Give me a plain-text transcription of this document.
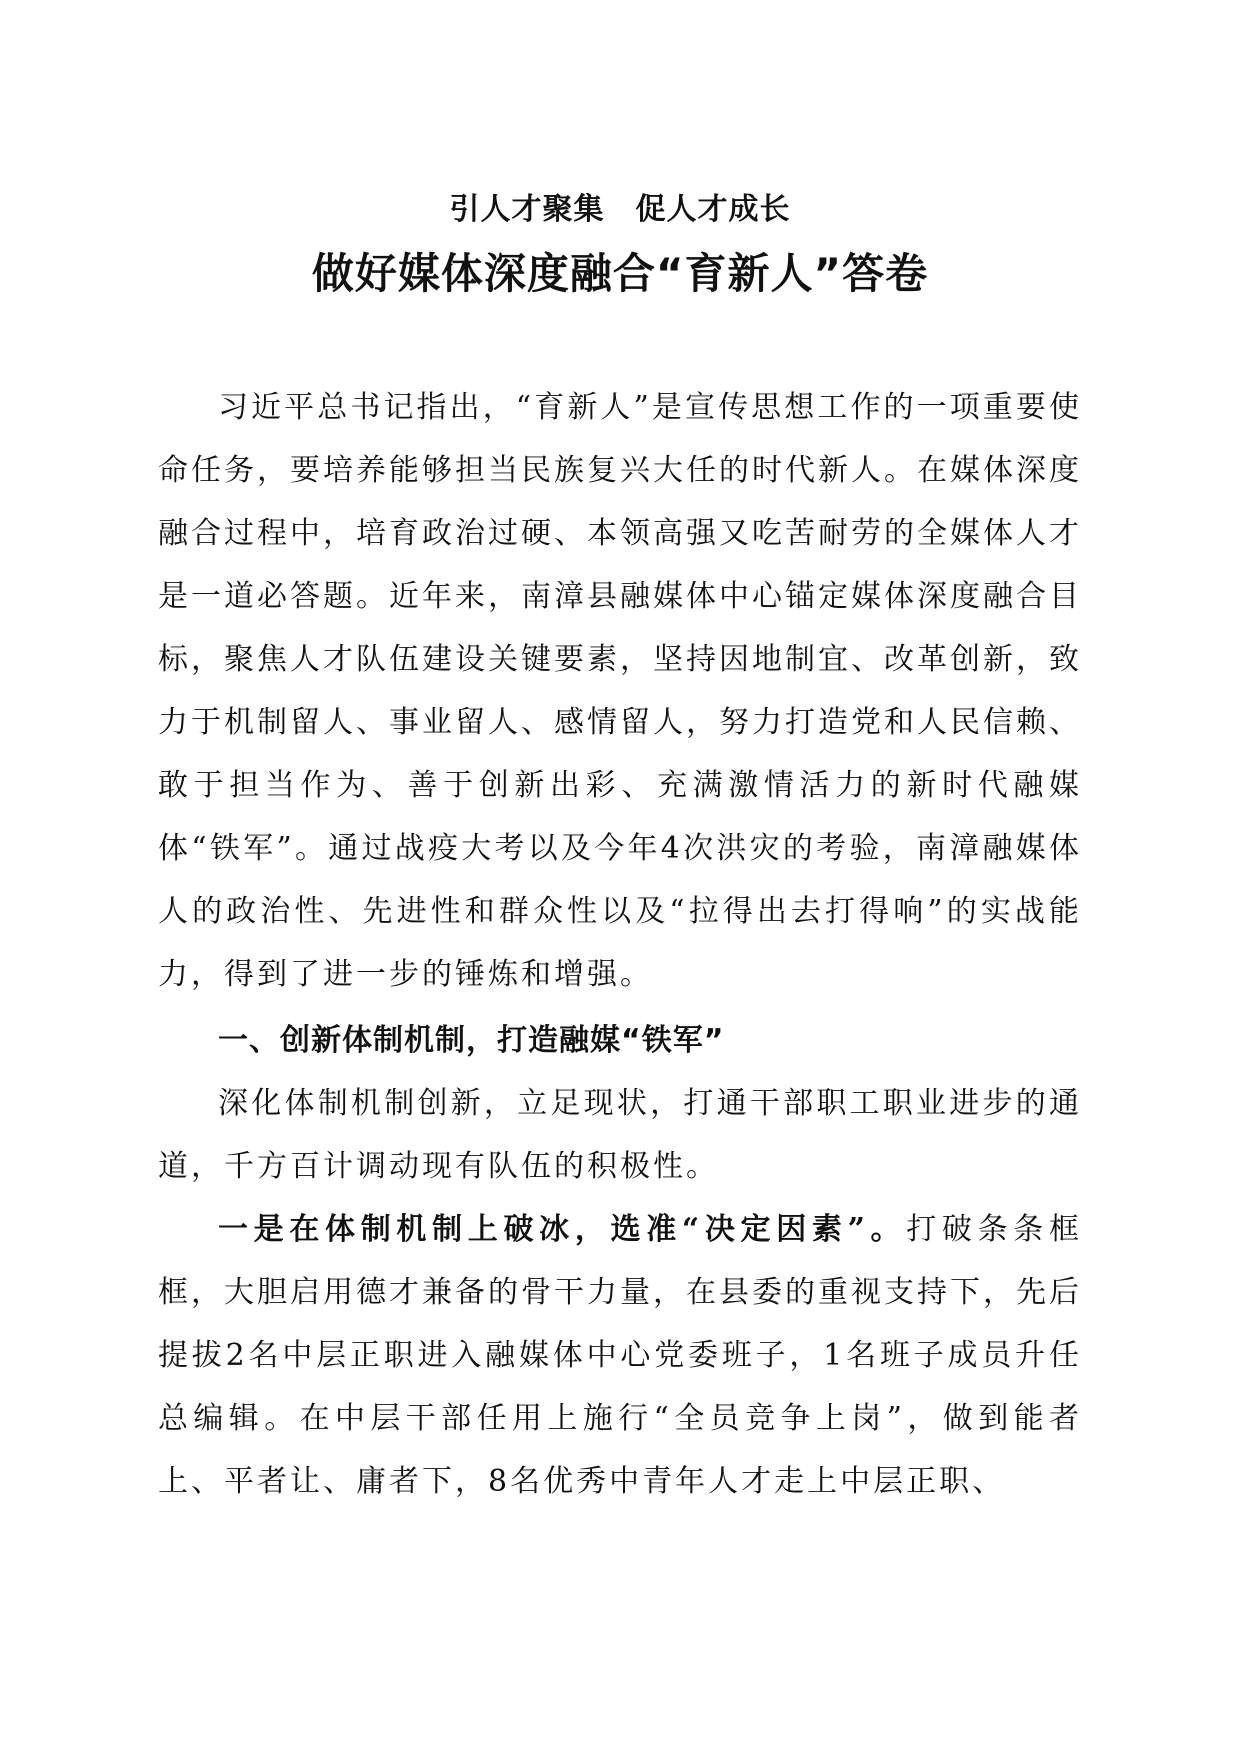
引人才聚集　促人才成长
做好媒体深度融合“育新人”答卷

习近平总书记指出，“育新人”是宣传思想工作的一项重要使命任务，要培养能够担当民族复兴大任的时代新人。在媒体深度融合过程中，培育政治过硬、本领高强又吃苦耐劳的全媒体人才是一道必答题。近年来，南漳县融媒体中心锚定媒体深度融合目标，聚焦人才队伍建设关键要素，坚持因地制宜、改革创新，致力于机制留人、事业留人、感情留人，努力打造党和人民信赖、敢于担当作为、善于创新出彩、充满激情活力的新时代融媒体“铁军”。通过战疫大考以及今年4次洪灾的考验，南漳融媒体人的政治性、先进性和群众性以及“拉得出去打得响”的实战能力，得到了进一步的锤炼和增强。

一、创新体制机制，打造融媒“铁军”

深化体制机制创新，立足现状，打通干部职工职业进步的通道，千方百计调动现有队伍的积极性。

一是在体制机制上破冰，选准“决定因素”。打破条条框框，大胆启用德才兼备的骨干力量，在县委的重视支持下，先后提拔2名中层正职进入融媒体中心党委班子，1名班子成员升任总编辑。在中层干部任用上施行“全员竞争上岗”，做到能者上、平者让、庸者下，8名优秀中青年人才走上中层正职、
